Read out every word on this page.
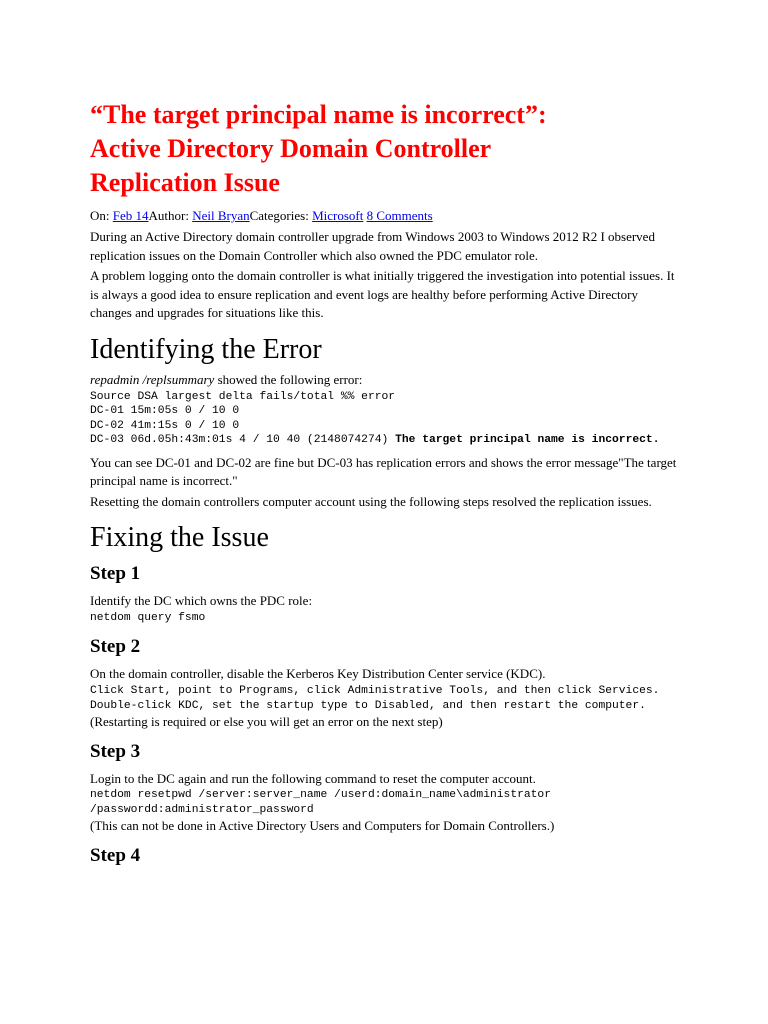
“The target principal name is incorrect”:
Active Directory Domain Controller
Replication Issue
On: Feb 14Author: Neil BryanCategories: Microsoft 8 Comments

During an Active Directory domain controller upgrade from Windows 2003 to Windows 2012 R2 I observed replication issues on the Domain Controller which also owned the PDC emulator role.

A problem logging onto the domain controller is what initially triggered the investigation into potential issues. It is always a good idea to ensure replication and event logs are healthy before performing Active Directory changes and upgrades for situations like this.

Identifying the Error

repadmin /replsummary showed the following error:

Source DSA largest delta fails/total %% error
DC-01 15m:05s 0 / 10 0
DC-02 41m:15s 0 / 10 0
DC-03 06d.05h:43m:01s 4 / 10 40 (2148074274) The target principal name is incorrect.

You can see DC-01 and DC-02 are fine but DC-03 has replication errors and shows the error message"The target principal name is incorrect."

Resetting the domain controllers computer account using the following steps resolved the replication issues.

Fixing the Issue
Step 1

Identify the DC which owns the PDC role:

netdom query fsmo
Step 2

On the domain controller, disable the Kerberos Key Distribution Center service (KDC).

Click Start, point to Programs, click Administrative Tools, and then click Services.
Double-click KDC, set the startup type to Disabled, and then restart the computer.

(Restarting is required or else you will get an error on the next step)

Step 3

Login to the DC again and run the following command to reset the computer account.

netdom resetpwd /server:server_name /userd:domain_name\administrator /passwordd:administrator_password

(This can not be done in Active Directory Users and Computers for Domain Controllers.)

Step 4
